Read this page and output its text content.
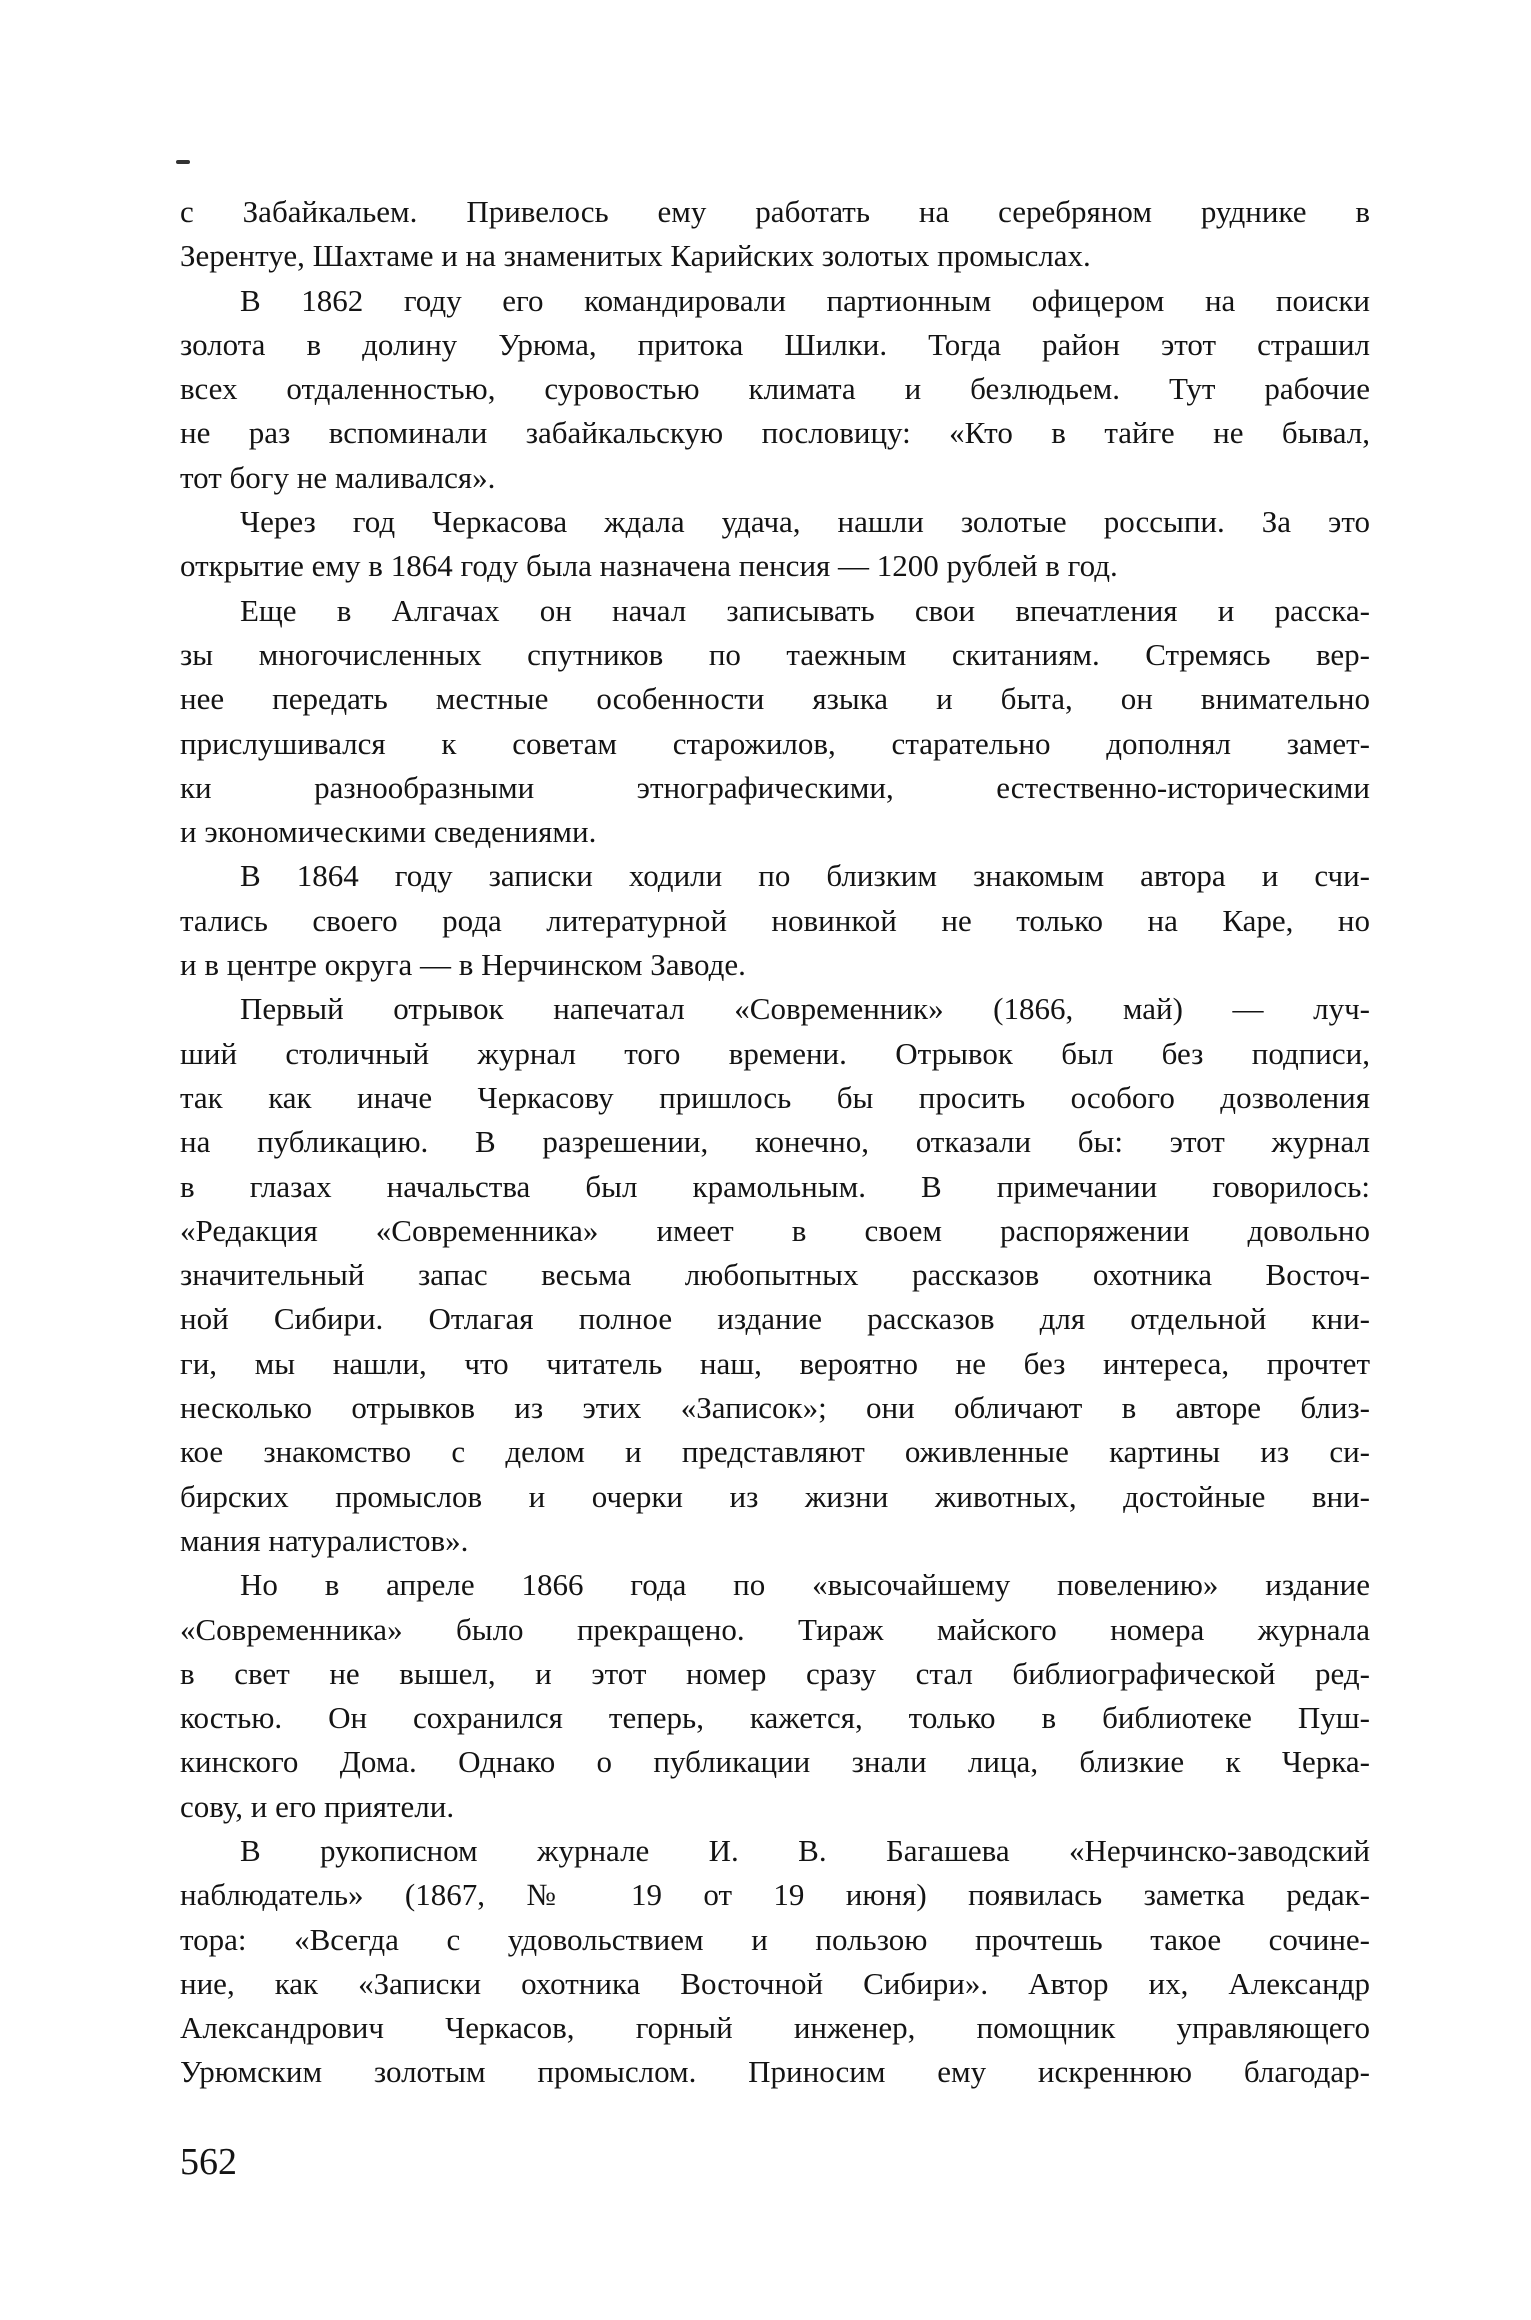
с Забайкальем. Привелось ему работать на серебряном руднике в
Зерентуе, Шахтаме и на знаменитых Карийских золотых промыслах.
В 1862 году его командировали партионным офицером на поиски
золота в долину Урюма, притока Шилки. Тогда район этот страшил
всех отдаленностью, суровостью климата и безлюдьем. Тут рабочие
не раз вспоминали забайкальскую пословицу: «Кто в тайге не бывал,
тот богу не маливался».
Через год Черкасова ждала удача, нашли золотые россыпи. За это
открытие ему в 1864 году была назначена пенсия — 1200 рублей в год.
Еще в Алгачах он начал записывать свои впечатления и расска-
зы многочисленных спутников по таежным скитаниям. Стремясь вер-
нее передать местные особенности языка и быта, он внимательно
прислушивался к советам старожилов, старательно дополнял замет-
ки разнообразными этнографическими, естественно-историческими
и экономическими сведениями.
В 1864 году записки ходили по близким знакомым автора и счи-
тались своего рода литературной новинкой не только на Каре, но
и в центре округа — в Нерчинском Заводе.
Первый отрывок напечатал «Современник» (1866, май) — луч-
ший столичный журнал того времени. Отрывок был без подписи,
так как иначе Черкасову пришлось бы просить особого дозволения
на публикацию. В разрешении, конечно, отказали бы: этот журнал
в глазах начальства был крамольным. В примечании говорилось:
«Редакция «Современника» имеет в своем распоряжении довольно
значительный запас весьма любопытных рассказов охотника Восточ-
ной Сибири. Отлагая полное издание рассказов для отдельной кни-
ги, мы нашли, что читатель наш, вероятно не без интереса, прочтет
несколько отрывков из этих «Записок»; они обличают в авторе близ-
кое знакомство с делом и представляют оживленные картины из си-
бирских промыслов и очерки из жизни животных, достойные вни-
мания натуралистов».
Но в апреле 1866 года по «высочайшему повелению» издание
«Современника» было прекращено. Тираж майского номера журнала
в свет не вышел, и этот номер сразу стал библиографической ред-
костью. Он сохранился теперь, кажется, только в библиотеке Пуш-
кинского Дома. Однако о публикации знали лица, близкие к Черка-
сову, и его приятели.
В рукописном журнале И. В. Багашева «Нерчинско-заводский
наблюдатель» (1867, № 19 от 19 июня) появилась заметка редак-
тора: «Всегда с удовольствием и пользою прочтешь такое сочине-
ние, как «Записки охотника Восточной Сибири». Автор их, Александр
Александрович Черкасов, горный инженер, помощник управляющего
Урюмским золотым промыслом. Приносим ему искреннюю благодар-
562
